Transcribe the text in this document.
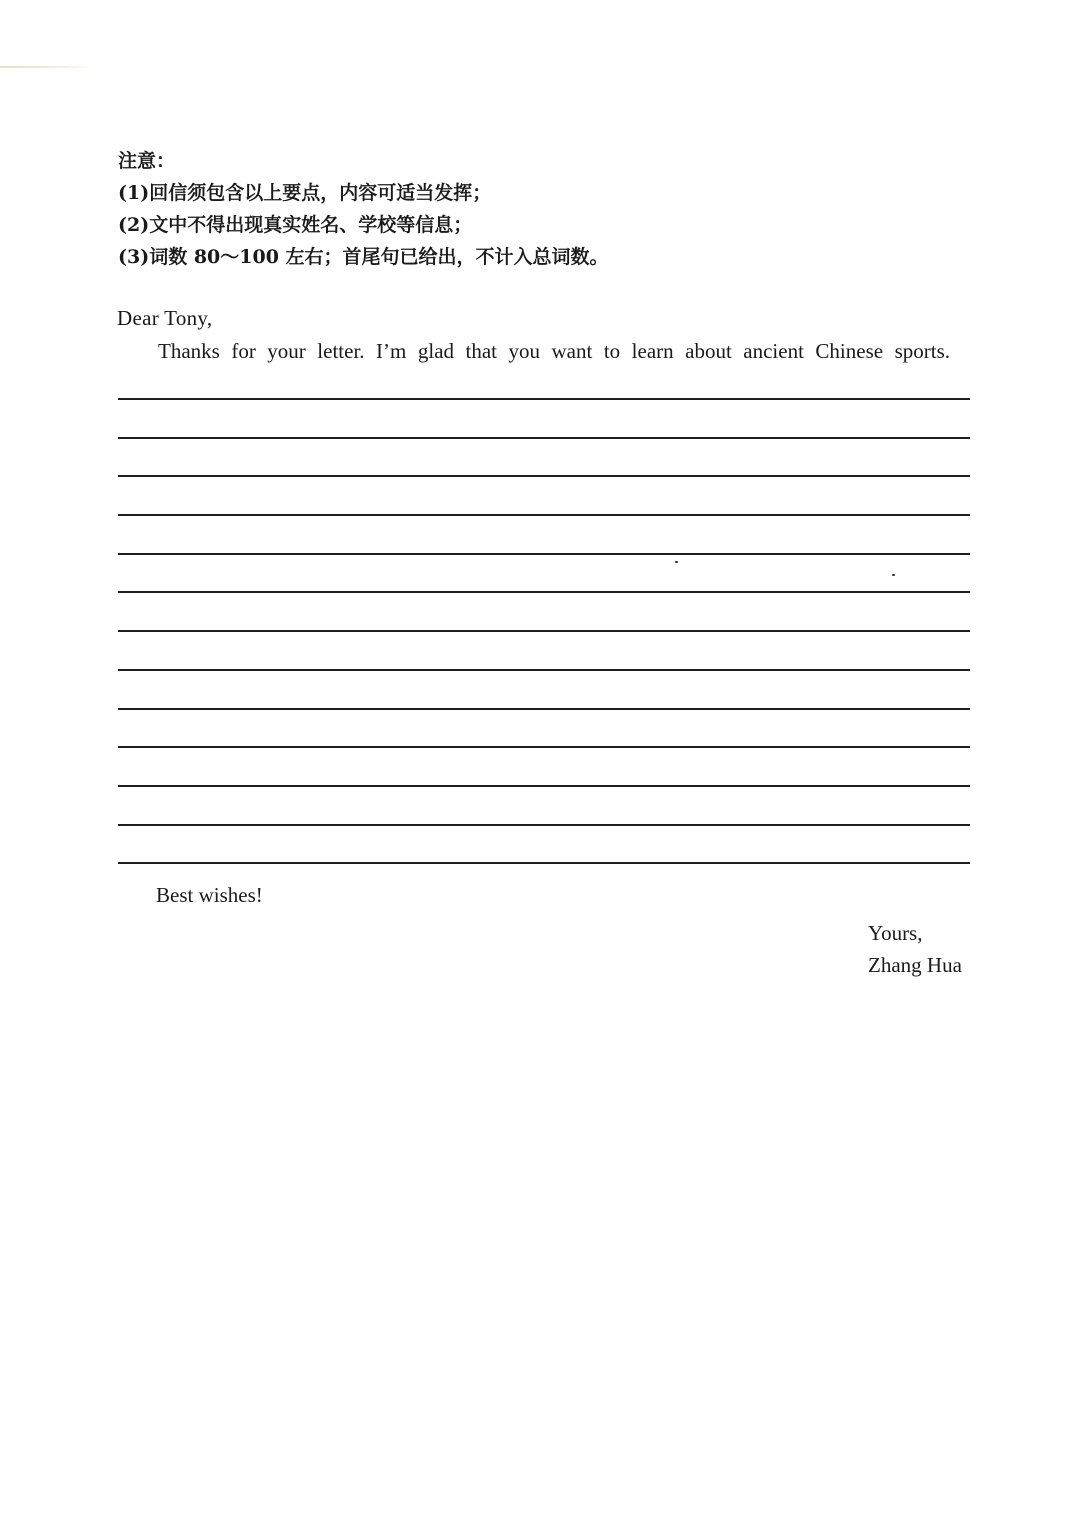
注意：
(1)回信须包含以上要点，内容可适当发挥；
(2)文中不得出现真实姓名、学校等信息；
(3)词数 80～100 左右；首尾句已给出，不计入总词数。
Dear Tony,
Thanks for your letter. I’m glad that you want to learn about ancient Chinese sports.
Best wishes!
Yours,
Zhang Hua
